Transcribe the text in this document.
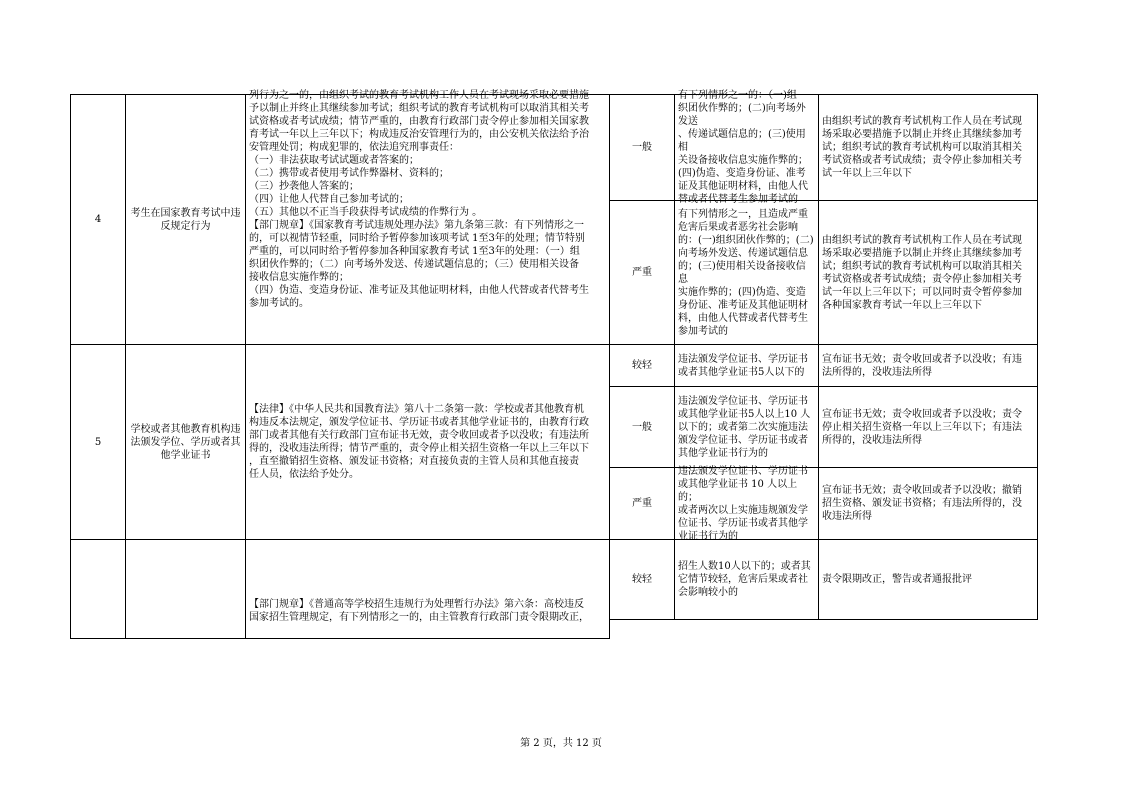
4
考生在国家教育考试中违反规定行为
列行为之一的，由组织考试的教育考试机构工作人员在考试现场采取必要措施
予以制止并终止其继续参加考试；组织考试的教育考试机构可以取消其相关考
试资格或者考试成绩；情节严重的，由教育行政部门责令停止参加相关国家教
育考试一年以上三年以下；构成违反治安管理行为的，由公安机关依法给予治
安管理处罚；构成犯罪的，依法追究刑事责任：
（一）非法获取考试试题或者答案的；
（二）携带或者使用考试作弊器材、资料的；
（三）抄袭他人答案的；
（四）让他人代替自己参加考试的；
（五）其他以不正当手段获得考试成绩的作弊行为 。
【部门规章】《国家教育考试违规处理办法》第九条第三款：有下列情形之一
的，可以视情节轻重，同时给予暂停参加该项考试 1至3年的处理；情节特别
严重的，可以同时给予暂停参加各种国家教育考试 1至3年的处理：（一）组
织团伙作弊的；（二）向考场外发送、传递试题信息的；（三）使用相关设备
接收信息实施作弊的；
（四）伪造、变造身份证、准考证及其他证明材料，由他人代替或者代替考生
参加考试的。
一般
有下列情形之一的：（一)组
织团伙作弊的；(二)向考场外发送
、传递试题信息的；(三)使用相
关设备接收信息实施作弊的；
(四)伪造、变造身份证、准考
证及其他证明材料，由他人代
替或者代替考生参加考试的
由组织考试的教育考试机构工作人员在考试现
场采取必要措施予以制止并终止其继续参加考
试；组织考试的教育考试机构可以取消其相关
考试资格或者考试成绩；责令停止参加相关考
试一年以上三年以下
严重
有下列情形之一，且造成严重
危害后果或者恶劣社会影响
的：(一)组织团伙作弊的；(二)
向考场外发送、传递试题信息
的；(三)使用相关设备接收信息
实施作弊的；(四)伪造、变造
身份证、准考证及其他证明材
料，由他人代替或者代替考生
参加考试的
由组织考试的教育考试机构工作人员在考试现
场采取必要措施予以制止并终止其继续参加考
试；组织考试的教育考试机构可以取消其相关
考试资格或者考试成绩；责令停止参加相关考
试一年以上三年以下；可以同时责令暂停参加
各种国家教育考试一年以上三年以下
5
学校或者其他教育机构违法颁发学位、学历或者其他学业证书
【法律】《中华人民共和国教育法》第八十二条第一款：学校或者其他教育机
构违反本法规定，颁发学位证书、学历证书或者其他学业证书的，由教育行政
部门或者其他有关行政部门宣布证书无效，责令收回或者予以没收；有违法所
得的，没收违法所得；情节严重的，责令停止相关招生资格一年以上三年以下
，直至撤销招生资格、颁发证书资格；对直接负责的主管人员和其他直接责
任人员，依法给予处分。
较轻
违法颁发学位证书、学历证书
或者其他学业证书5人以下的
宣布证书无效；责令收回或者予以没收；有违
法所得的，没收违法所得
一般
违法颁发学位证书、学历证书
或其他学业证书5人以上10 人
以下的；或者第二次实施违法
颁发学位证书、学历证书或者
其他学业证书行为的
宣布证书无效；责令收回或者予以没收；责令
停止相关招生资格一年以上三年以下；有违法
所得的，没收违法所得
严重
违法颁发学位证书、学历证书
或其他学业证书 10 人以上的；
或者两次以上实施违规颁发学
位证书、学历证书或者其他学
业证书行为的
宣布证书无效；责令收回或者予以没收；撤销
招生资格、颁发证书资格；有违法所得的，没
收违法所得
【部门规章】《普通高等学校招生违规行为处理暂行办法》第六条：高校违反
国家招生管理规定，有下列情形之一的，由主管教育行政部门责令限期改正，
较轻
招生人数10人以下的；或者其
它情节较轻，危害后果或者社
会影响较小的
责令限期改正，警告或者通报批评
第 2 页，共 12 页
